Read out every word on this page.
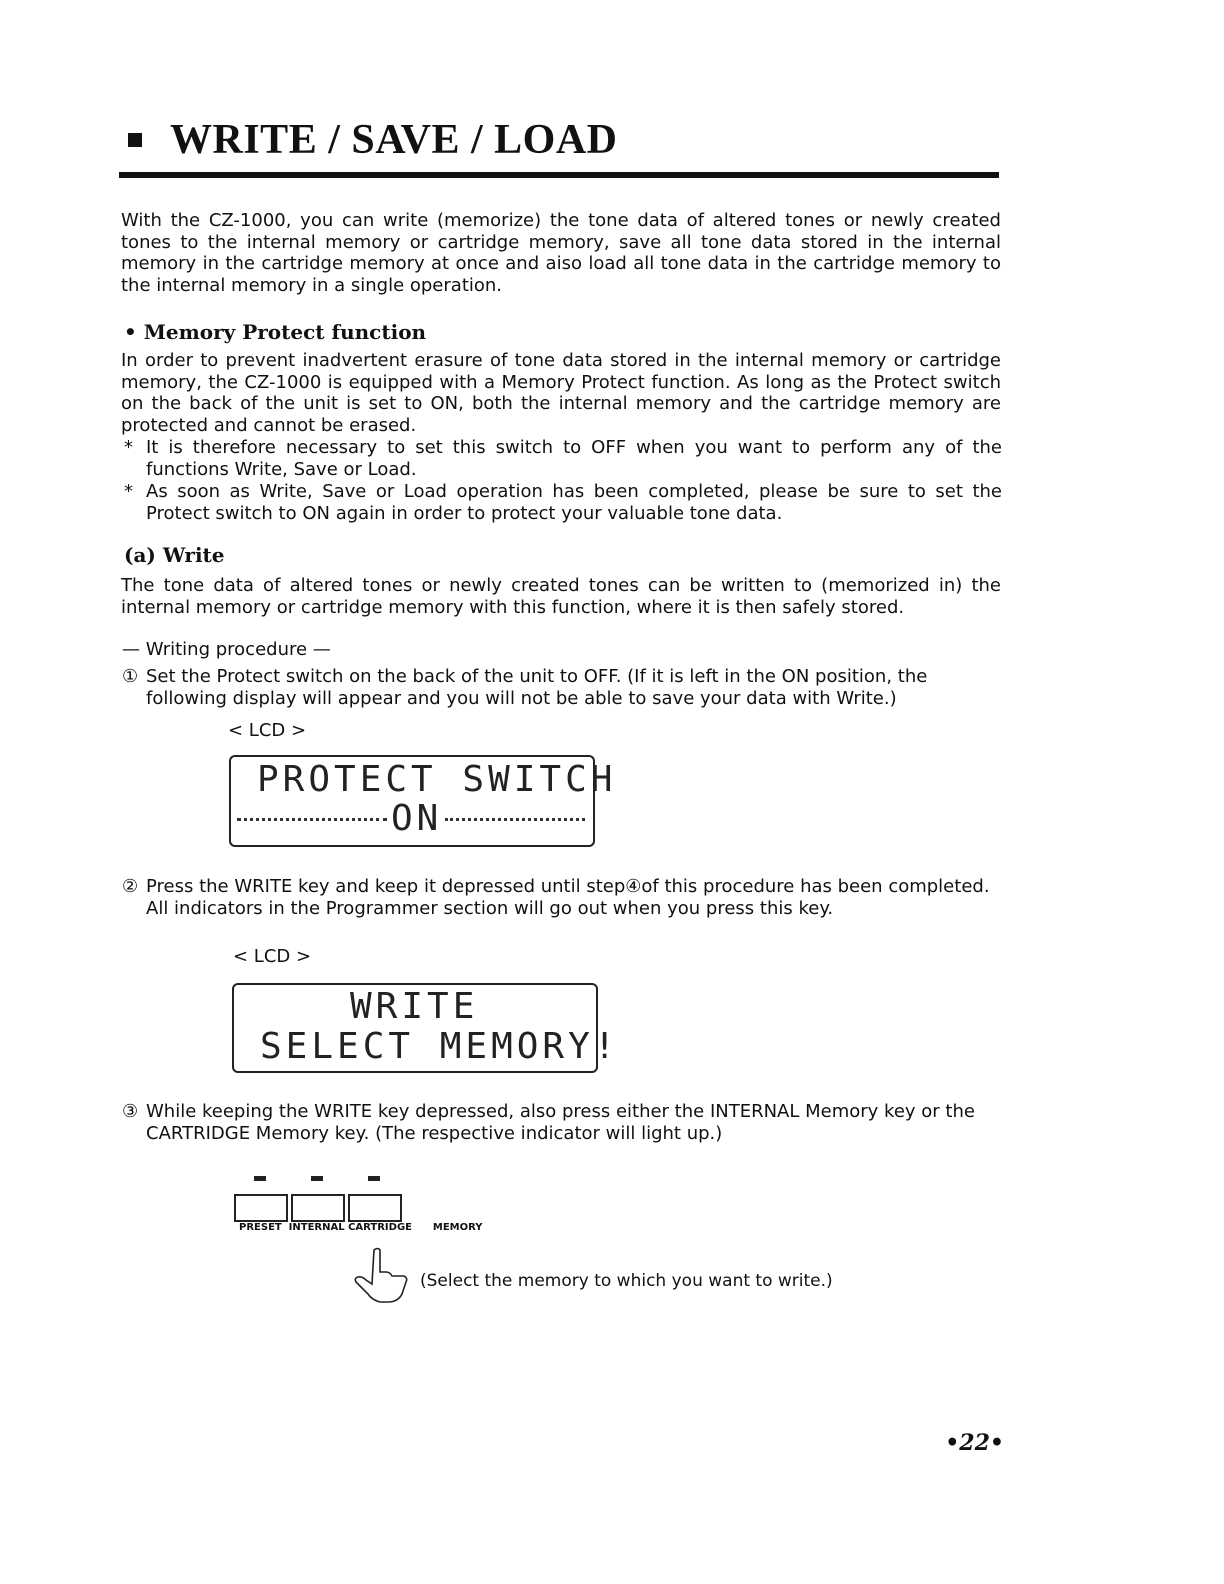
WRITE / SAVE / LOAD

With the CZ-1000, you can write (memorize) the tone data of altered tones or newly created tones to the internal memory or cartridge memory, save all tone data stored in the internal memory in the cartridge memory at once and aiso load all tone data in the cartridge memory to the internal memory in a single operation.

• Memory Protect function

In order to prevent inadvertent erasure of tone data stored in the internal memory or cartridge memory, the CZ-1000 is equipped with a Memory Protect function. As long as the Protect switch on the back of the unit is set to ON, both the internal memory and the cartridge memory are protected and cannot be erased.

* It is therefore necessary to set this switch to OFF when you want to perform any of the functions Write, Save or Load.
* As soon as Write, Save or Load operation has been completed, please be sure to set the Protect switch to ON again in order to protect your valuable tone data.
(a) Write

The tone data of altered tones or newly created tones can be written to (memorized in) the internal memory or cartridge memory with this function, where it is then safely stored.

— Writing procedure —
① Set the Protect switch on the back of the unit to OFF. (If it is left in the ON position, the following display will appear and you will not be able to save your data with Write.)
< LCD >
PROTECT SWITCH
ON
② Press the WRITE key and keep it depressed until step④of this procedure has been completed. All indicators in the Programmer section will go out when you press this key.
< LCD >
WRITE
SELECT MEMORY!
③ While keeping the WRITE key depressed, also press either the INTERNAL Memory key or the CARTRIDGE Memory key. (The respective indicator will light up.)
PRESET  INTERNAL CARTRIDGE      MEMORY
(Select the memory to which you want to write.)
•22•
